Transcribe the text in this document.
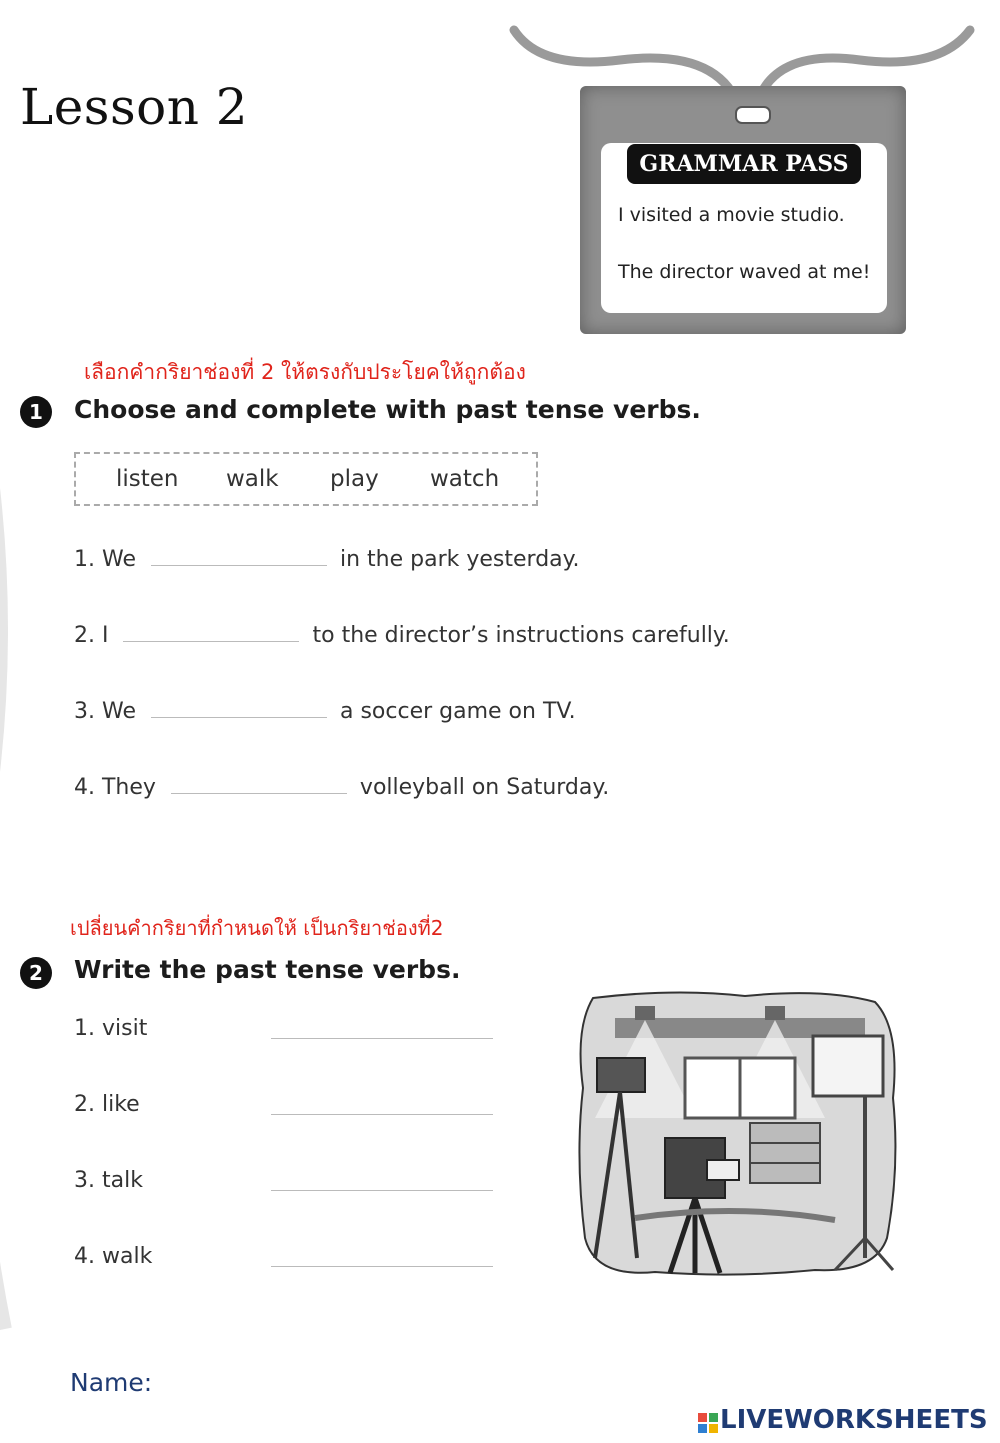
Lesson 2
GRAMMAR PASS
I visited a movie studio.
The director waved at me!
เลือกคำกริยาช่องที่ 2 ให้ตรงกับประโยคให้ถูกต้อง
1	Choose and complete with past tense verbs.
listen walk play watch
1. We	in the park yesterday.
2. I	to the director’s instructions carefully.
3. We	a soccer game on TV.
4. They	volleyball on Saturday.
เปลี่ยนคำกริยาที่กำหนดให้ เป็นกริยาช่องที่2
2	Write the past tense verbs.
1. visit
2. like
3. talk
4. walk
Name:
LIVEWORKSHEETS
